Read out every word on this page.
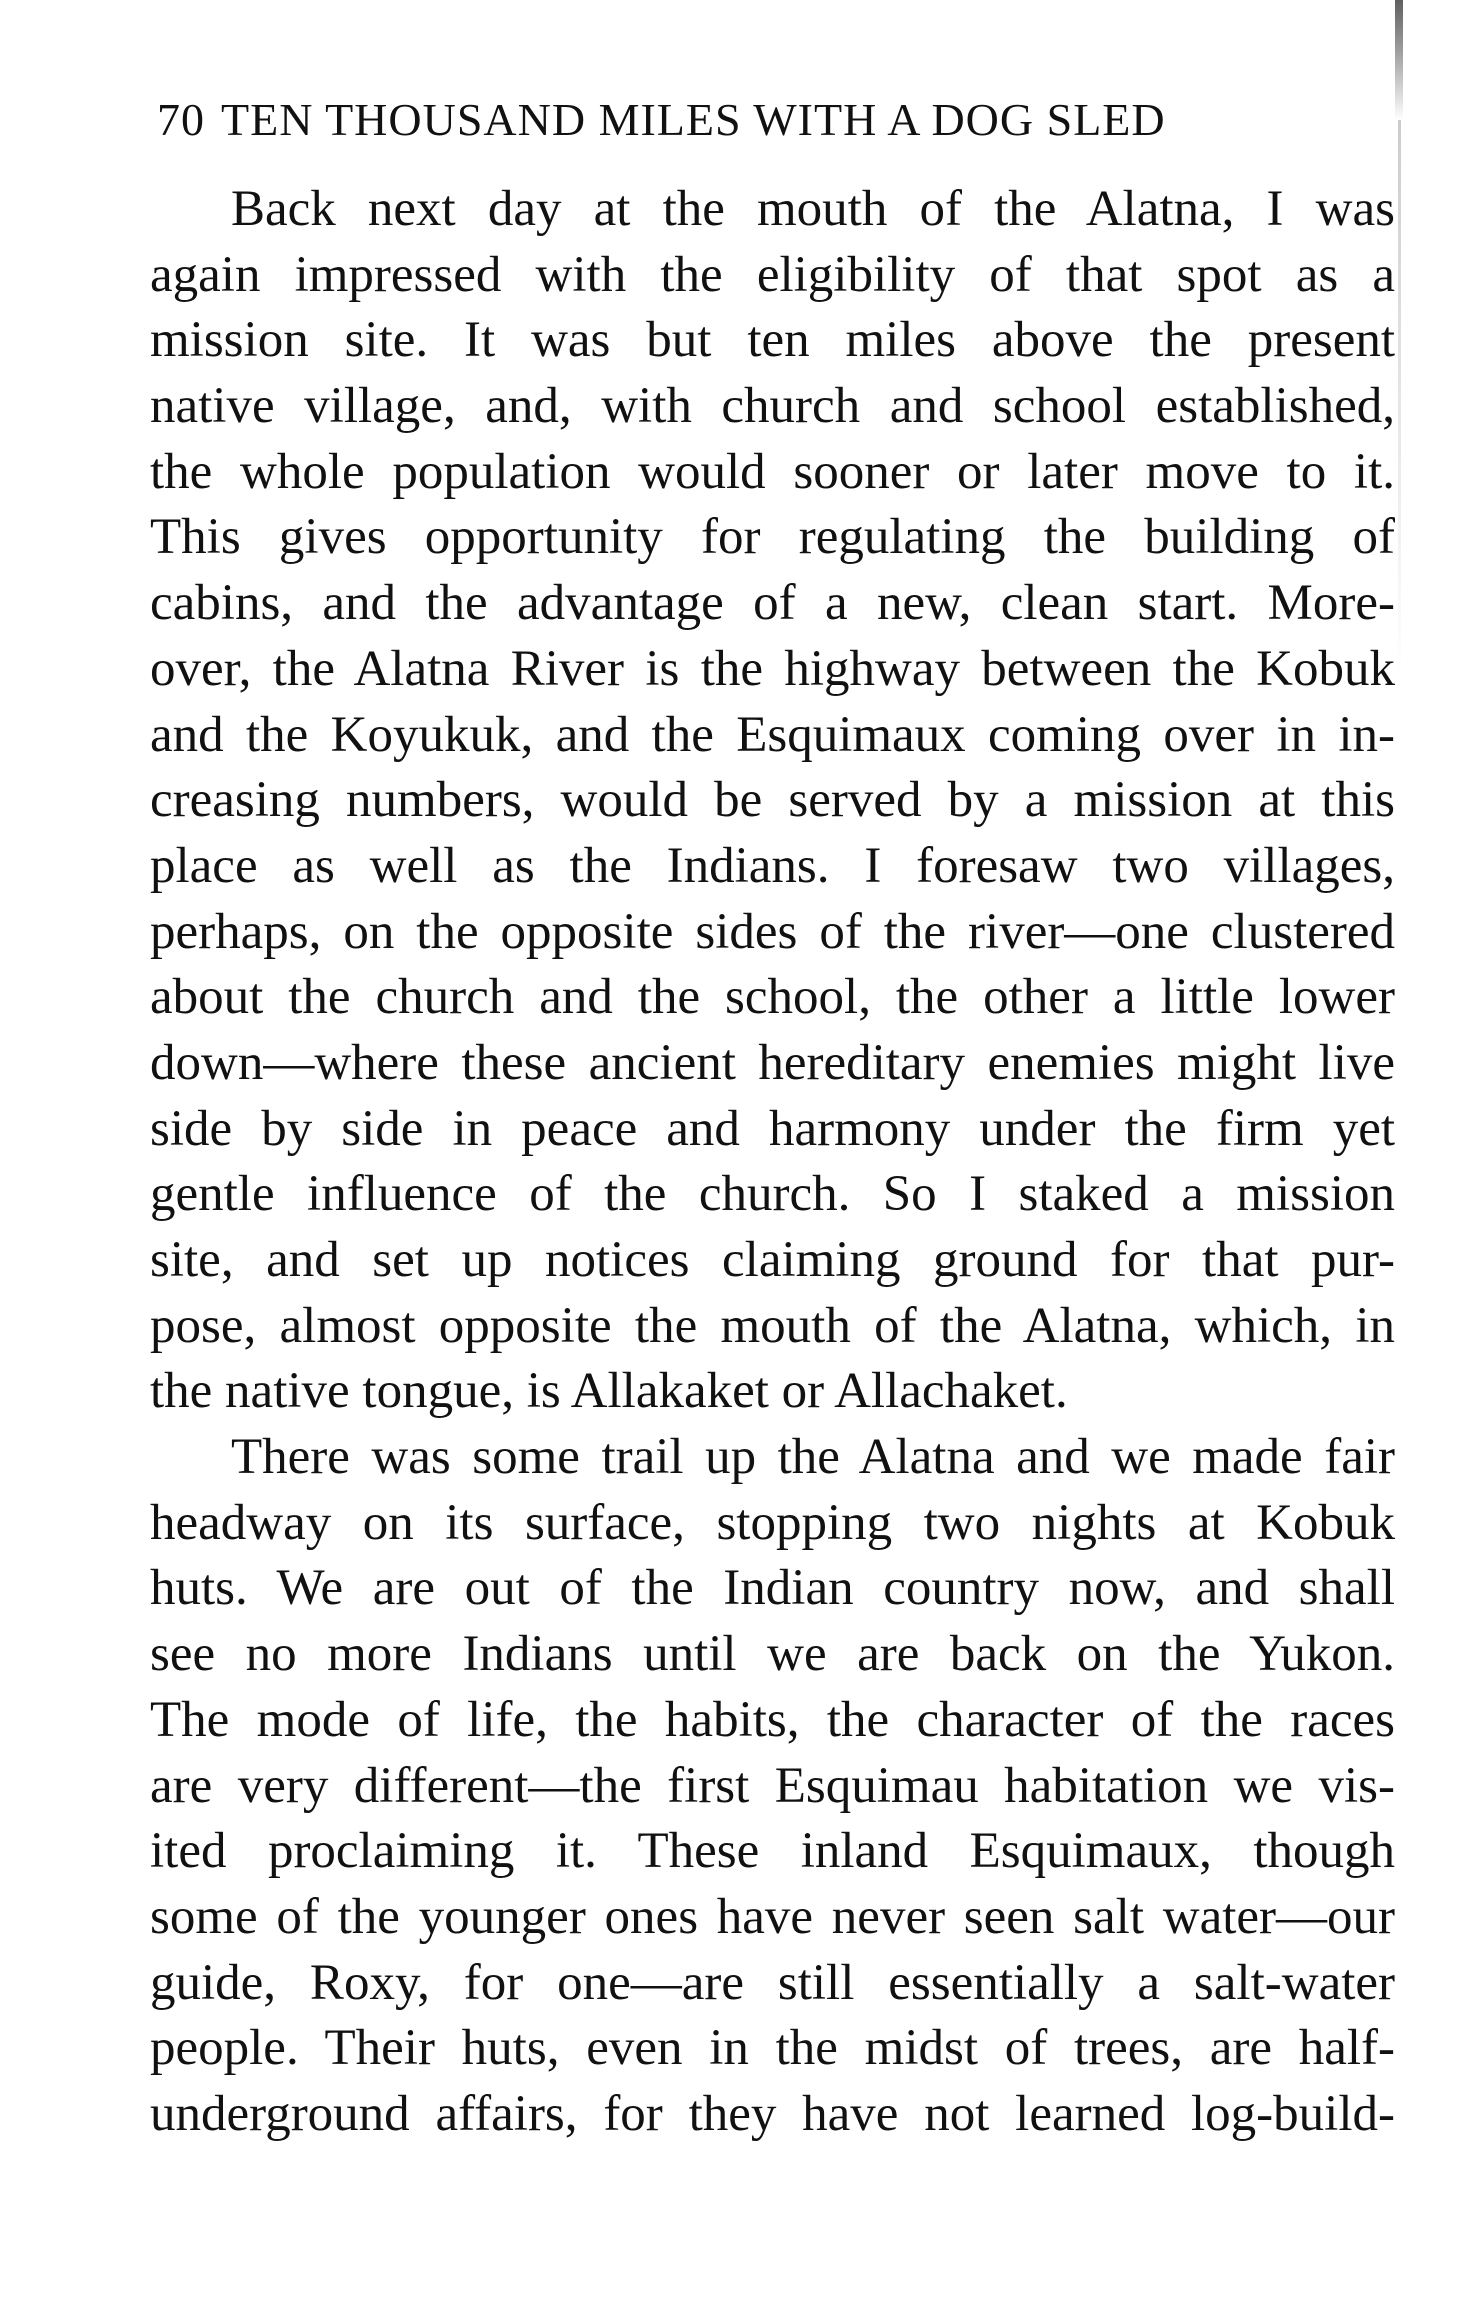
70 TEN THOUSAND MILES WITH A DOG SLED
Back next day at the mouth of the Alatna, I was
again impressed with the eligibility of that spot as a
mission site. It was but ten miles above the present
native village, and, with church and school established,
the whole population would sooner or later move to it.
This gives opportunity for regulating the building of
cabins, and the advantage of a new, clean start. More-
over, the Alatna River is the highway between the Kobuk
and the Koyukuk, and the Esquimaux coming over in in-
creasing numbers, would be served by a mission at this
place as well as the Indians. I foresaw two villages,
perhaps, on the opposite sides of the river—one clustered
about the church and the school, the other a little lower
down—where these ancient hereditary enemies might live
side by side in peace and harmony under the firm yet
gentle influence of the church. So I staked a mission
site, and set up notices claiming ground for that pur-
pose, almost opposite the mouth of the Alatna, which, in
the native tongue, is Allakaket or Allachaket.
There was some trail up the Alatna and we made fair
headway on its surface, stopping two nights at Kobuk
huts. We are out of the Indian country now, and shall
see no more Indians until we are back on the Yukon.
The mode of life, the habits, the character of the races
are very different—the first Esquimau habitation we vis-
ited proclaiming it. These inland Esquimaux, though
some of the younger ones have never seen salt water—our
guide, Roxy, for one—are still essentially a salt-water
people. Their huts, even in the midst of trees, are half-
underground affairs, for they have not learned log-build-
